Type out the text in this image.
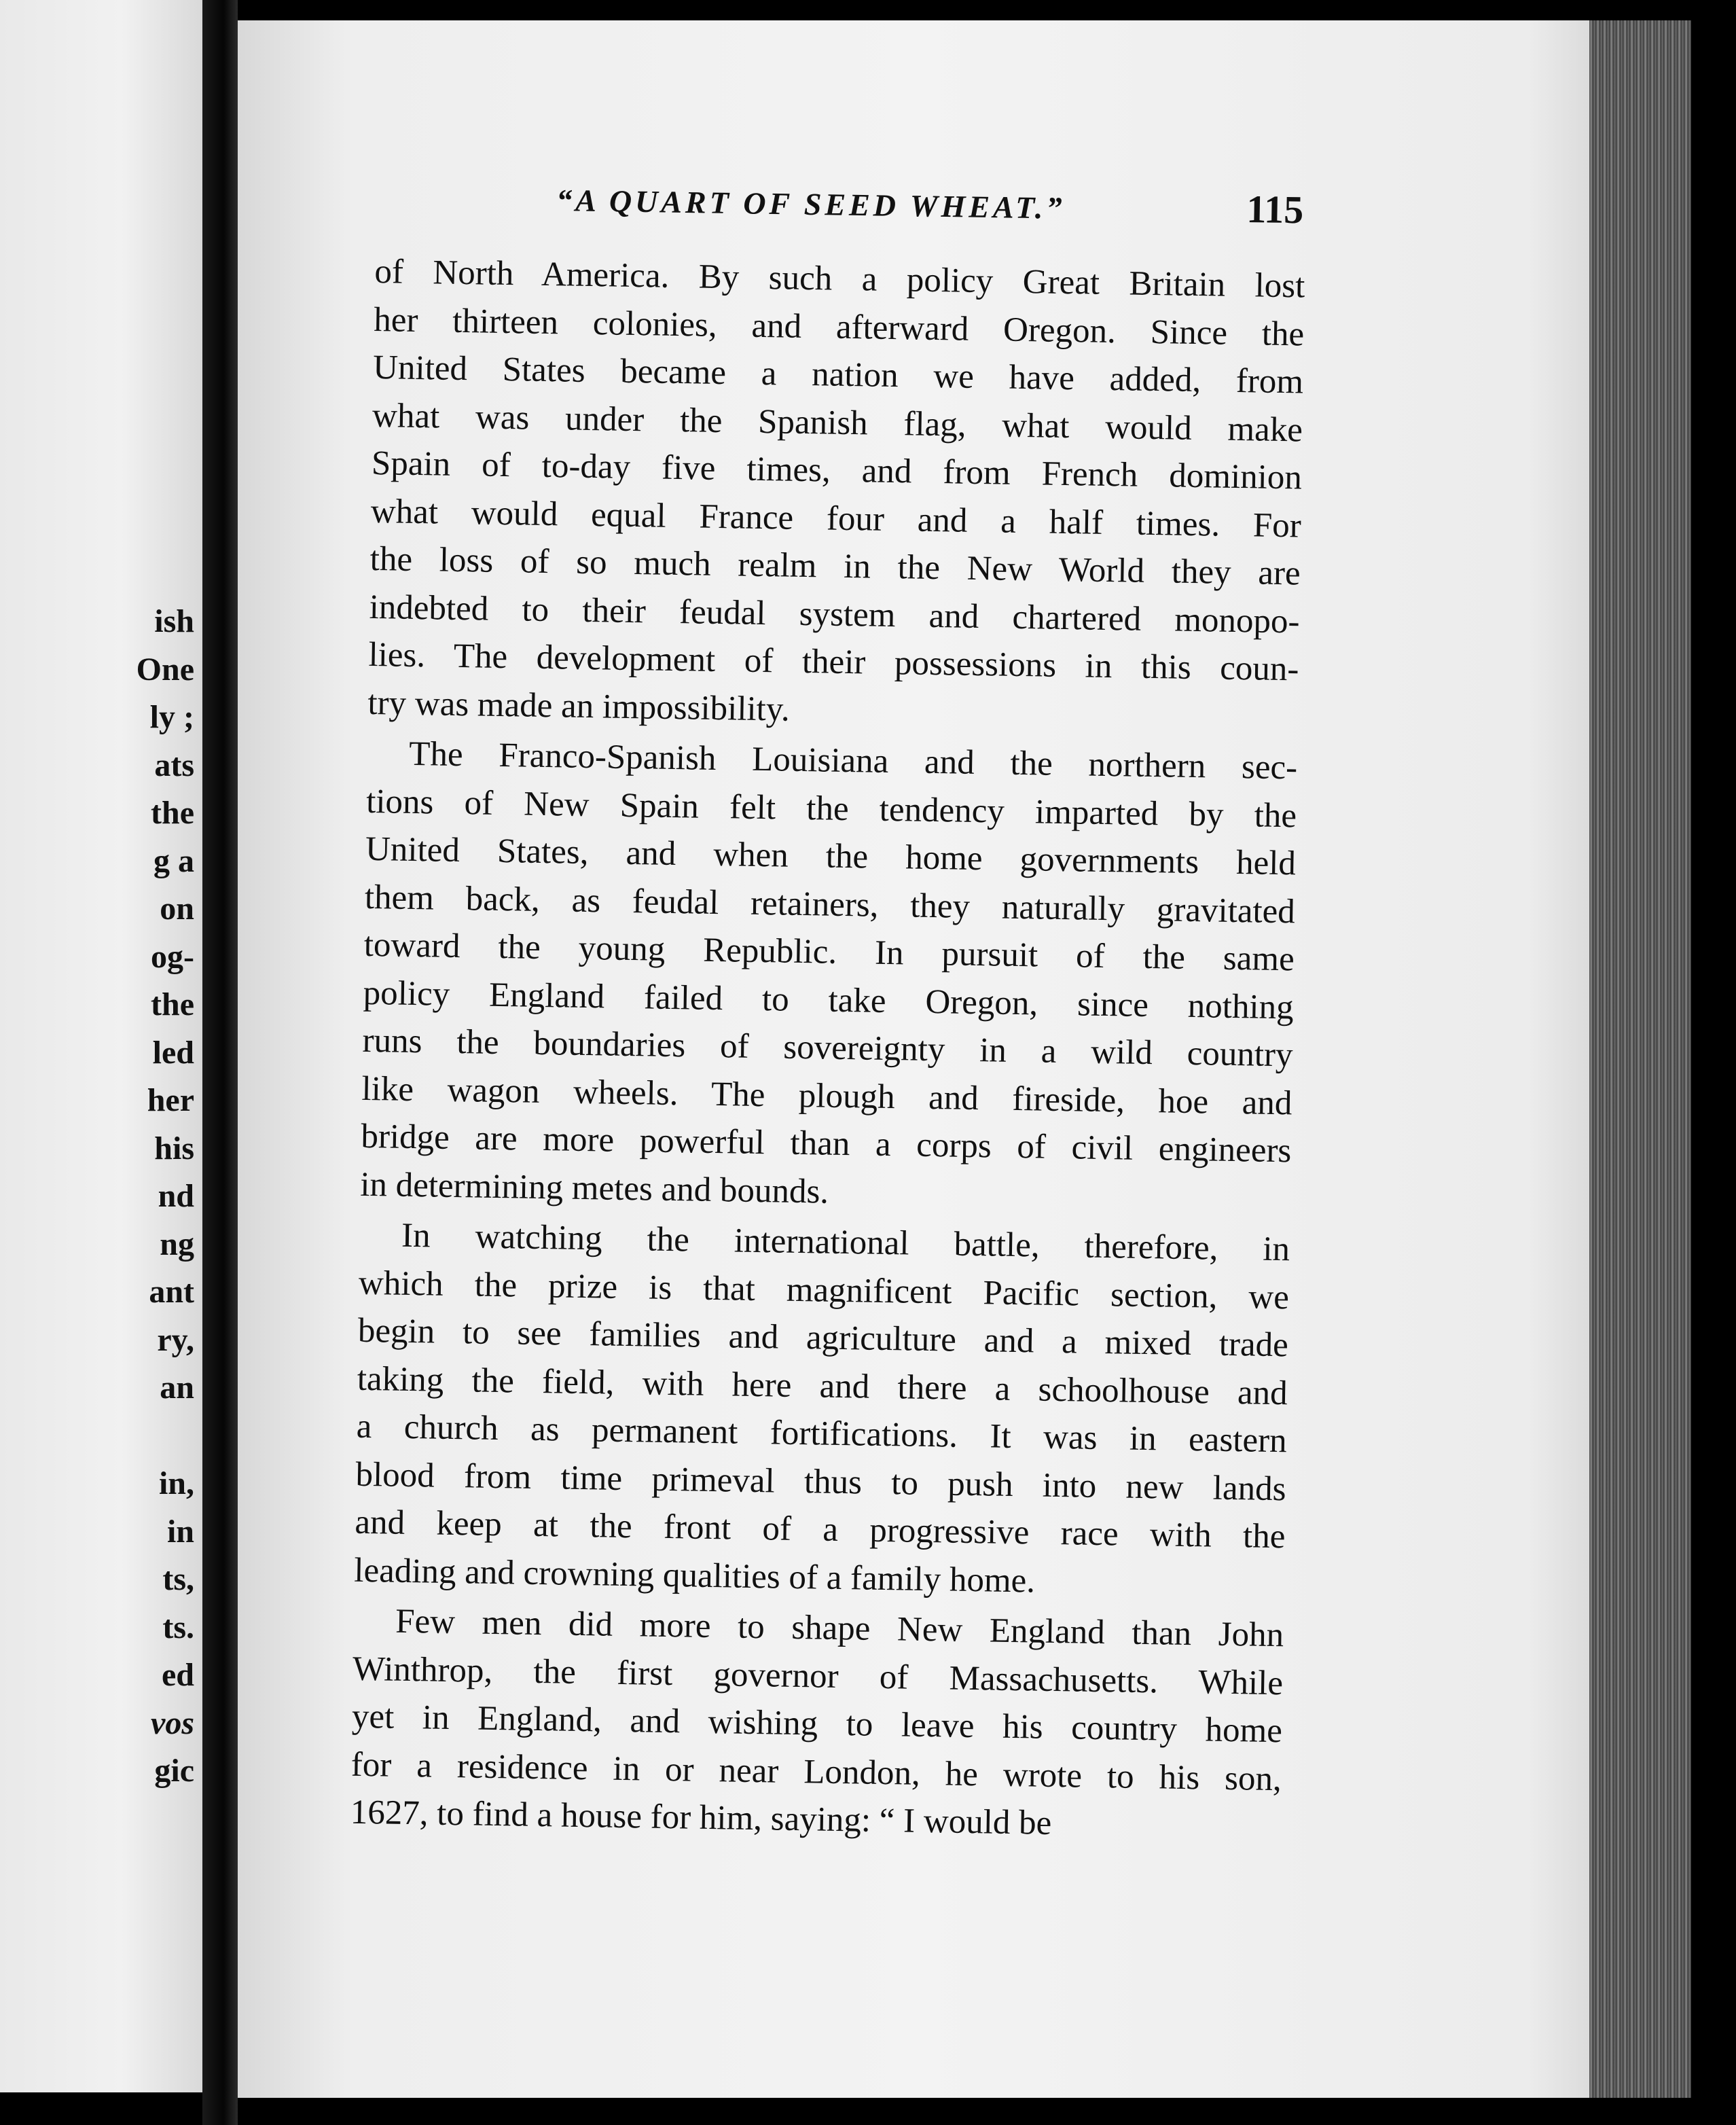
ish
One
ly ;
ats
the
g a
on
og-
the
led
her
his
nd
ng
ant
ry,
an

in,
in
ts,
ts.
ed
vos
gic
“A QUART OF SEED WHEAT.”	115
of North America. By such a policy Great Britain lost
her thirteen colonies, and afterward Oregon. Since the
United States became a nation we have added, from
what was under the Spanish flag, what would make
Spain of to-day five times, and from French dominion
what would equal France four and a half times. For
the loss of so much realm in the New World they are
indebted to their feudal system and chartered monopo-
lies. The development of their possessions in this coun-
try was made an impossibility.
The Franco-Spanish Louisiana and the northern sec-
tions of New Spain felt the tendency imparted by the
United States, and when the home governments held
them back, as feudal retainers, they naturally gravitated
toward the young Republic. In pursuit of the same
policy England failed to take Oregon, since nothing
runs the boundaries of sovereignty in a wild country
like wagon wheels. The plough and fireside, hoe and
bridge are more powerful than a corps of civil engineers
in determining metes and bounds.
In watching the international battle, therefore, in
which the prize is that magnificent Pacific section, we
begin to see families and agriculture and a mixed trade
taking the field, with here and there a schoolhouse and
a church as permanent fortifications. It was in eastern
blood from time primeval thus to push into new lands
and keep at the front of a progressive race with the
leading and crowning qualities of a family home.
Few men did more to shape New England than John
Winthrop, the first governor of Massachusetts. While
yet in England, and wishing to leave his country home
for a residence in or near London, he wrote to his son,
1627, to find a house for him, saying: “ I would be
